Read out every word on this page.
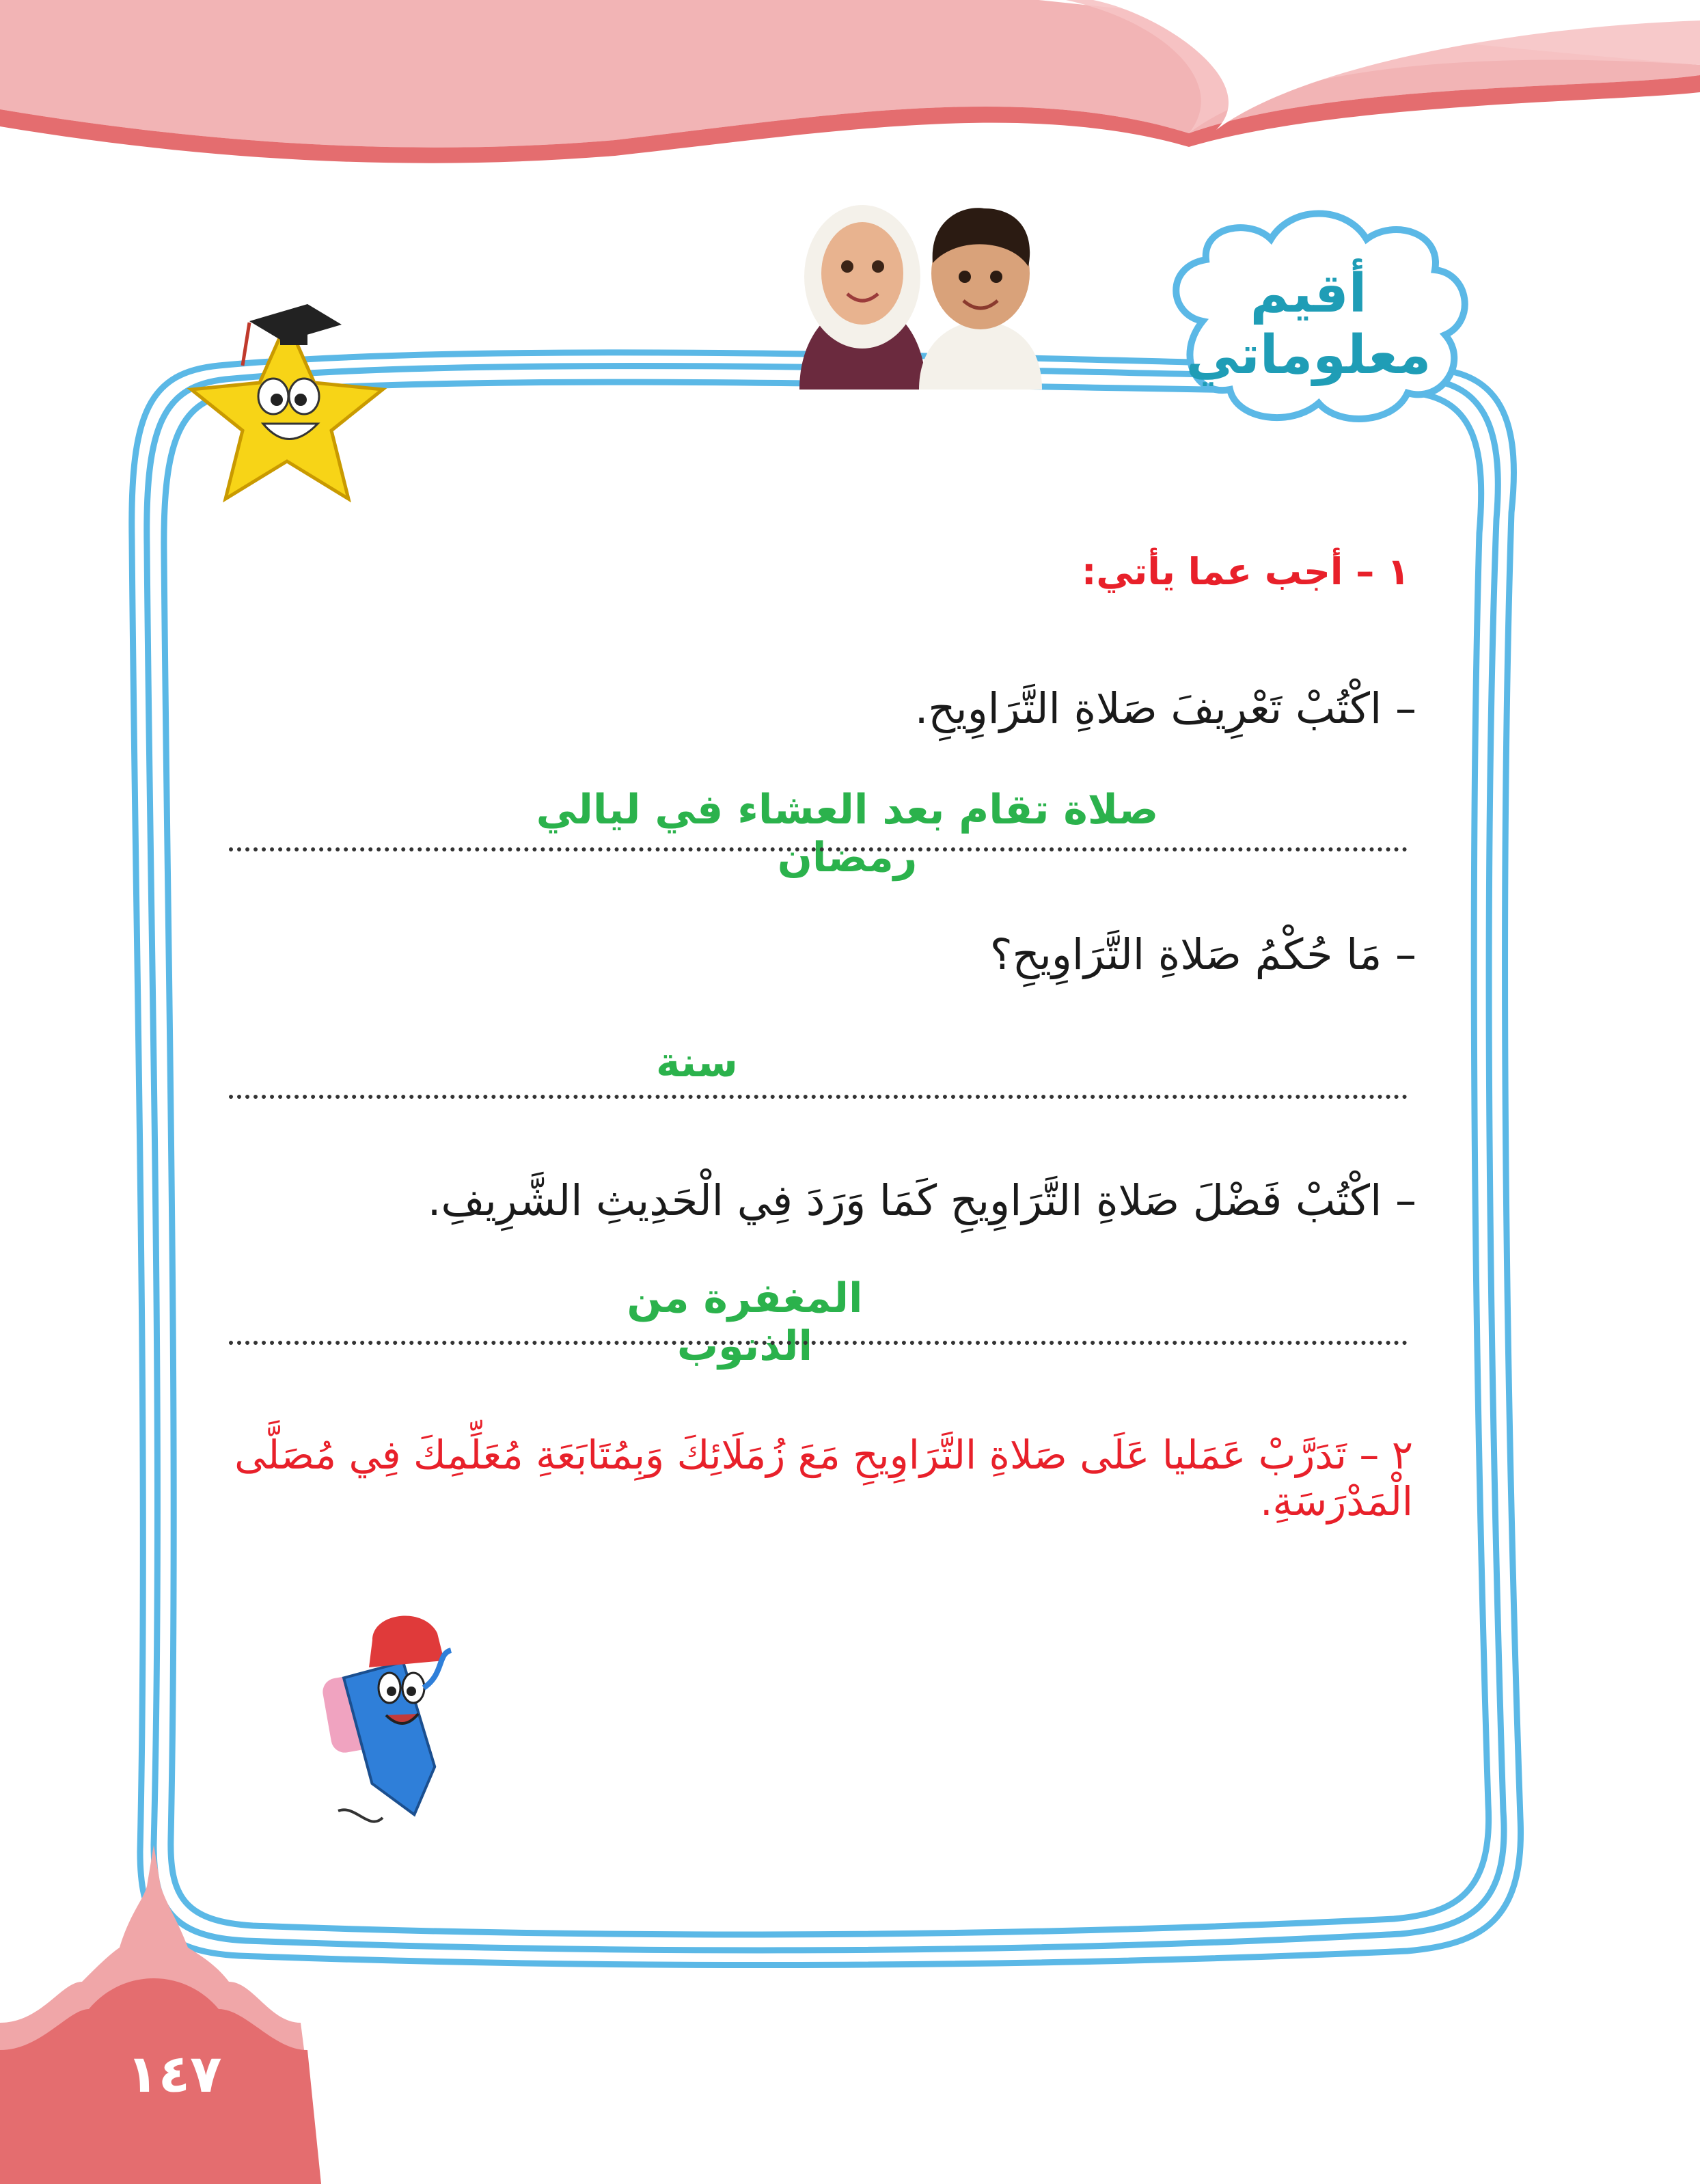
أقيم
معلوماتي
١ – أجب عما يأتي:
– اكْتُبْ تَعْرِيفَ صَلاةِ التَّرَاوِيحِ.
صلاة تقام بعد العشاء في ليالي رمضان
– مَا حُكْمُ صَلاةِ التَّرَاوِيحِ؟
سنة
– اكْتُبْ فَضْلَ صَلاةِ التَّرَاوِيحِ كَمَا وَرَدَ فِي الْحَدِيثِ الشَّرِيفِ.
المغفرة من الذنوب
٢ – تَدَرَّبْ عَمَليا عَلَى صَلاةِ التَّرَاوِيحِ مَعَ زُمَلَائِكَ وَبِمُتَابَعَةِ مُعَلِّمِكَ فِي مُصَلَّى الْمَدْرَسَةِ.
١٤٧
